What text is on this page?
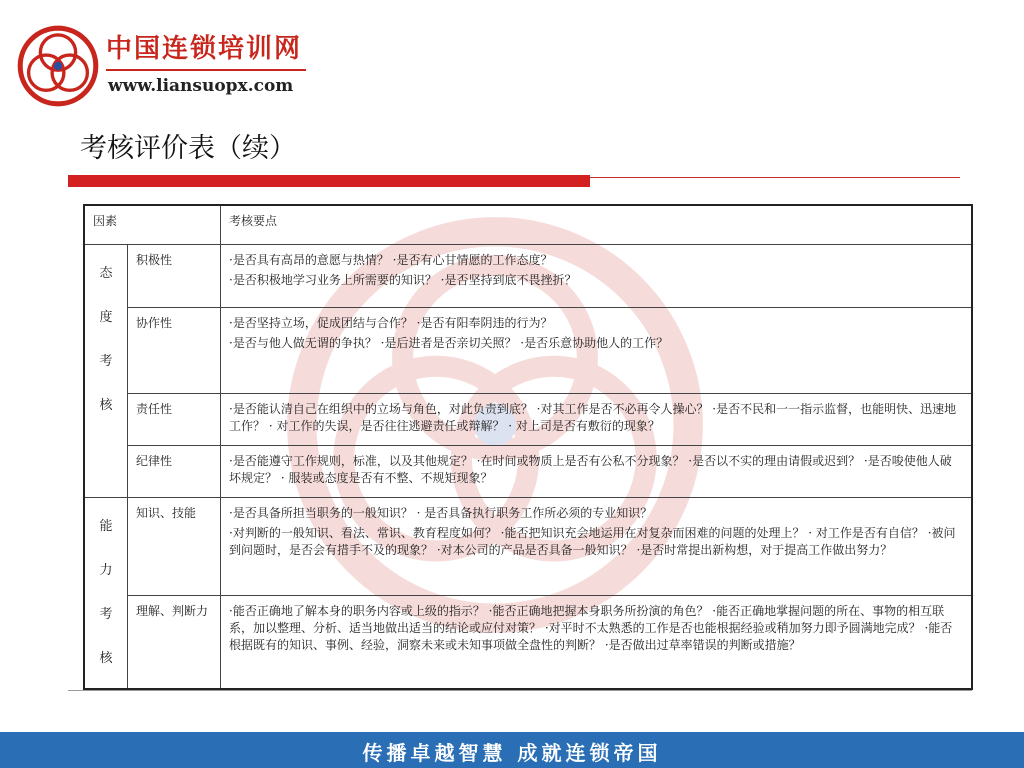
中国连锁培训网
www.liansuopx.com
考核评价表（续）
因素		考核要点

态
度
考
核	积极性	·是否具有高昂的意愿与热情？ ·是否有心甘情愿的工作态度？
·是否积极地学习业务上所需要的知识？ ·是否坚持到底不畏挫折？

	协作性	·是否坚持立场，促成团结与合作？ ·是否有阳奉阴违的行为？
·是否与他人做无谓的争执？ ·是后进者是否亲切关照？ ·是否乐意协助他人的工作？

	责任性	·是否能认清自己在组织中的立场与角色，对此负责到底？ ·对其工作是否不必再令人操心？ ·是否不民和一一指示监督，也能明快、迅速地工作？ · 对工作的失误，是否往往逃避责任或辩解？ · 对上司是否有敷衍的现象？

	纪律性	·是否能遵守工作规则，标准，以及其他规定？ ·在时间或物质上是否有公私不分现象？ ·是否以不实的理由请假或迟到？ ·是否唆使他人破坏规定？ · 服装或态度是否有不整、不规矩现象？

能
力
考
核	知识、技能	·是否具备所担当职务的一般知识？ · 是否具备执行职务工作所必须的专业知识？
·对判断的一般知识、看法、常识、教育程度如何？ ·能否把知识充会地运用在对复杂而困难的问题的处理上？ · 对工作是否有自信？ ·被问到问题时，是否会有措手不及的现象？ ·对本公司的产品是否具备一般知识？ ·是否时常提出新构想，对于提高工作做出努力？

	理解、判断力	·能否正确地了解本身的职务内容或上级的指示？ ·能否正确地把握本身职务所扮演的角色？ ·能否正确地掌握问题的所在、事物的相互联系，加以整理、分析、适当地做出适当的结论或应付对策？ ·对平时不太熟悉的工作是否也能根据经验或稍加努力即予圆满地完成？ ·能否根据既有的知识、事例、经验，洞察未来或未知事项做全盘性的判断？ ·是否做出过草率错误的判断或措施？
传播卓越智慧 成就连锁帝国
